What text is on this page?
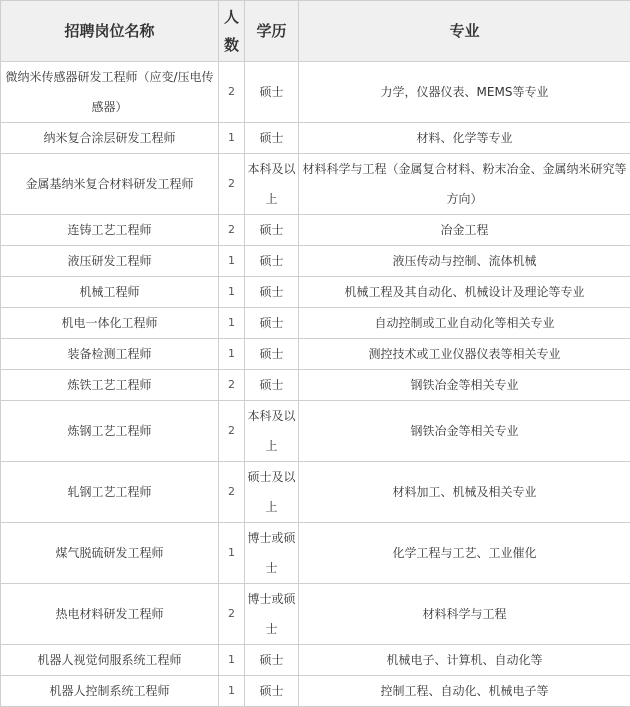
招聘岗位名称	人数	学历	专业
微纳米传感器研发工程师（应变/压电传感器）	2	硕士	力学，仪器仪表、MEMS等专业
纳米复合涂层研发工程师	1	硕士	材料、化学等专业
金属基纳米复合材料研发工程师	2	本科及以上	材料科学与工程（金属复合材料、粉末冶金、金属纳米研究等方向）
连铸工艺工程师	2	硕士	冶金工程
液压研发工程师	1	硕士	液压传动与控制、流体机械
机械工程师	1	硕士	机械工程及其自动化、机械设计及理论等专业
机电一体化工程师	1	硕士	自动控制或工业自动化等相关专业
装备检测工程师	1	硕士	测控技术或工业仪器仪表等相关专业
炼铁工艺工程师	2	硕士	钢铁冶金等相关专业
炼钢工艺工程师	2	本科及以上	钢铁冶金等相关专业
轧钢工艺工程师	2	硕士及以上	材料加工、机械及相关专业
煤气脱硫研发工程师	1	博士或硕士	化学工程与工艺、工业催化
热电材料研发工程师	2	博士或硕士	材料科学与工程
机器人视觉伺服系统工程师	1	硕士	机械电子、计算机、自动化等
机器人控制系统工程师	1	硕士	控制工程、自动化、机械电子等
